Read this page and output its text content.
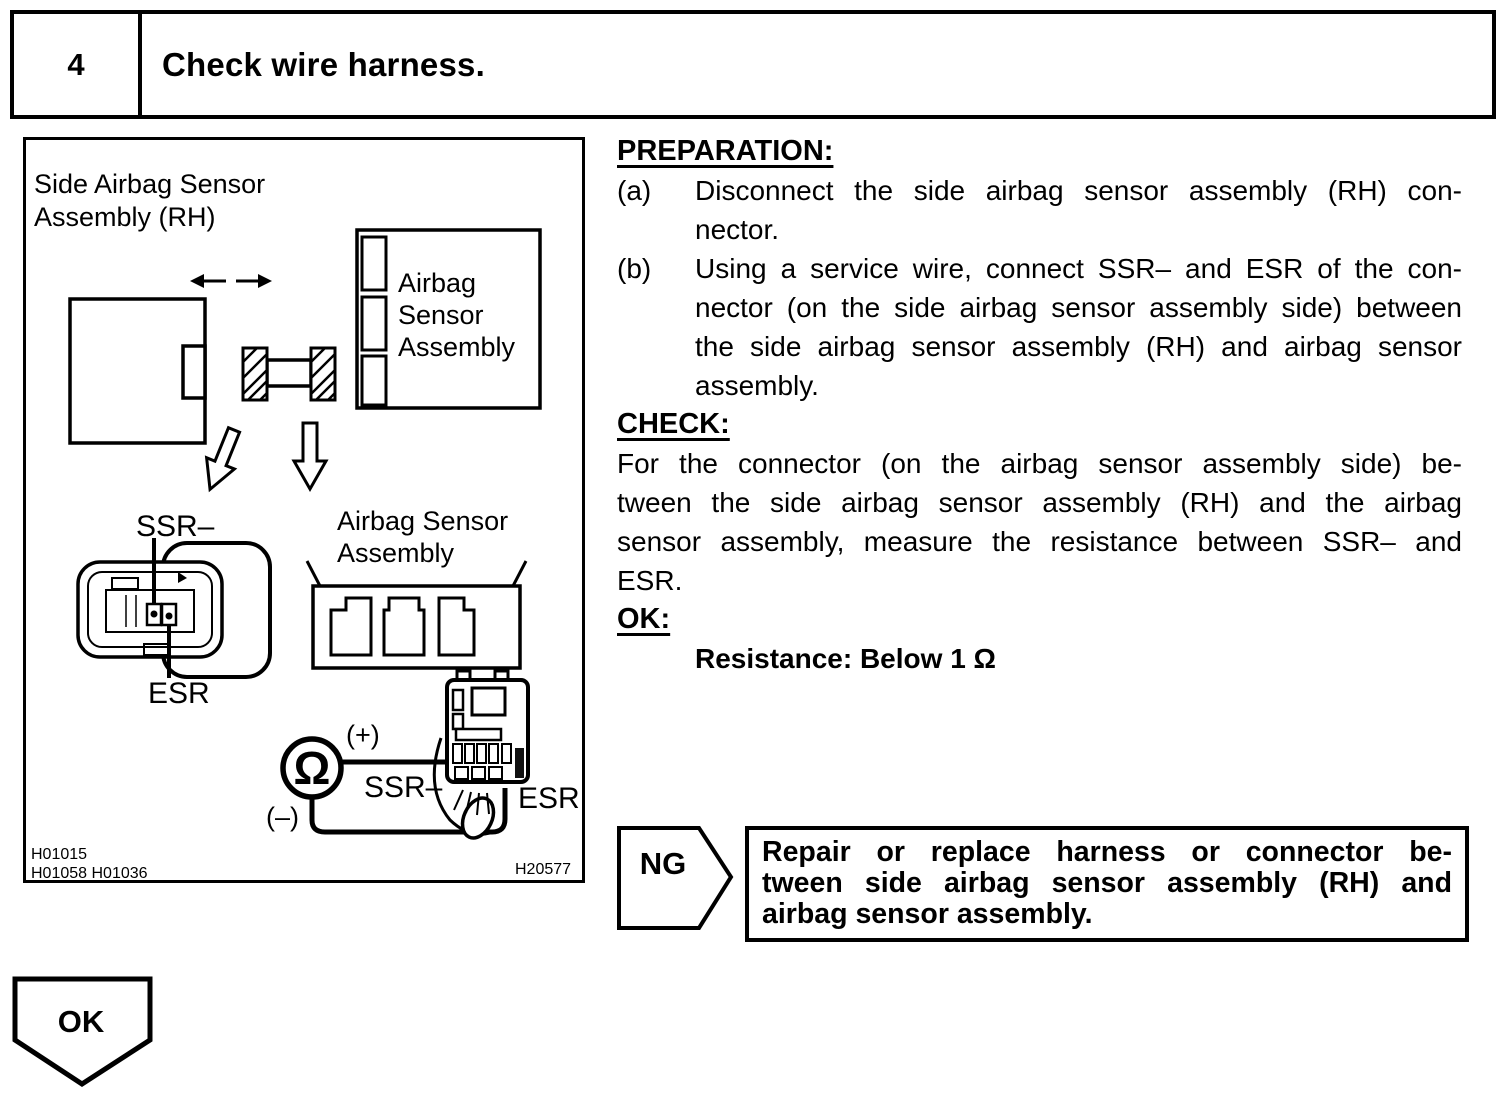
4	Check wire harness.
Side Airbag Sensor
Assembly (RH)
Airbag
Sensor
Assembly
SSR–
ESR
Airbag Sensor
Assembly
Ω
(+)
(–)
SSR–	ESR
H01015
H01058 H01036	H20577
PREPARATION:
(a)	Disconnect the side airbag sensor assembly (RH) con-
nector.
(b)	Using a service wire, connect SSR– and ESR of the con-
nector (on the side airbag sensor assembly side) between
the side airbag sensor assembly (RH) and airbag sensor
assembly.
CHECK:
For the connector (on the airbag sensor assembly side) be-
tween the side airbag sensor assembly (RH) and the airbag
sensor assembly, measure the resistance between SSR– and
ESR.
OK:
Resistance: Below 1 Ω
NG	Repair or replace harness or connector be-
tween side airbag sensor assembly (RH) and
airbag sensor assembly.
OK
